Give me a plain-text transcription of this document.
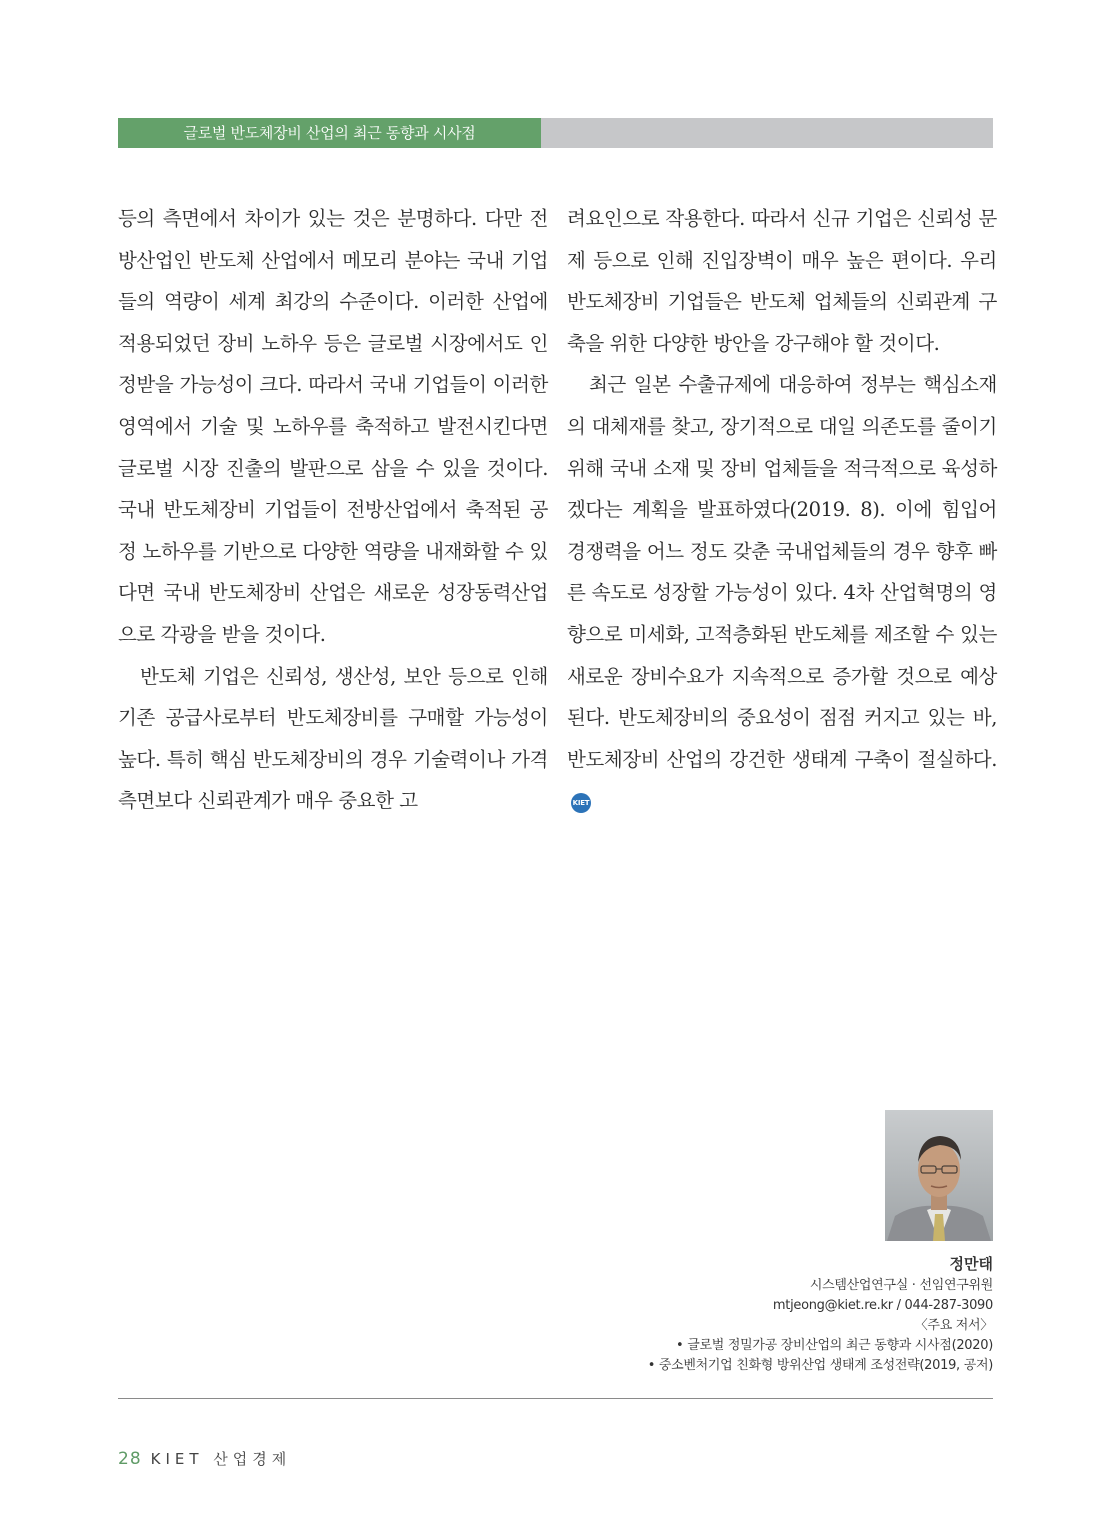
글로벌 반도체장비 산업의 최근 동향과 시사점

등의 측면에서 차이가 있는 것은 분명하다. 다만 전방산업인 반도체 산업에서 메모리 분야는 국내 기업들의 역량이 세계 최강의 수준이다. 이러한 산업에 적용되었던 장비 노하우 등은 글로벌 시장에서도 인정받을 가능성이 크다. 따라서 국내 기업들이 이러한 영역에서 기술 및 노하우를 축적하고 발전시킨다면 글로벌 시장 진출의 발판으로 삼을 수 있을 것이다. 국내 반도체장비 기업들이 전방산업에서 축적된 공정 노하우를 기반으로 다양한 역량을 내재화할 수 있다면 국내 반도체장비 산업은 새로운 성장동력산업으로 각광을 받을 것이다.

반도체 기업은 신뢰성, 생산성, 보안 등으로 인해 기존 공급사로부터 반도체장비를 구매할 가능성이 높다. 특히 핵심 반도체장비의 경우 기술력이나 가격 측면보다 신뢰관계가 매우 중요한 고

려요인으로 작용한다. 따라서 신규 기업은 신뢰성 문제 등으로 인해 진입장벽이 매우 높은 편이다. 우리 반도체장비 기업들은 반도체 업체들의 신뢰관계 구축을 위한 다양한 방안을 강구해야 할 것이다.

최근 일본 수출규제에 대응하여 정부는 핵심소재의 대체재를 찾고, 장기적으로 대일 의존도를 줄이기 위해 국내 소재 및 장비 업체들을 적극적으로 육성하겠다는 계획을 발표하였다(2019. 8). 이에 힘입어 경쟁력을 어느 정도 갖춘 국내업체들의 경우 향후 빠른 속도로 성장할 가능성이 있다. 4차 산업혁명의 영향으로 미세화, 고적층화된 반도체를 제조할 수 있는 새로운 장비수요가 지속적으로 증가할 것으로 예상된다. 반도체장비의 중요성이 점점 커지고 있는 바, 반도체장비 산업의 강건한 생태계 구축이 절실하다.KIET

정만태
시스템산업연구실 · 선임연구위원
mtjeong@kiet.re.kr / 044-287-3090
〈주요 저서〉
• 글로벌 정밀가공 장비산업의 최근 동향과 시사점(2020)
• 중소벤처기업 친화형 방위산업 생태계 조성전략(2019, 공저)
28 KIET 산업경제
